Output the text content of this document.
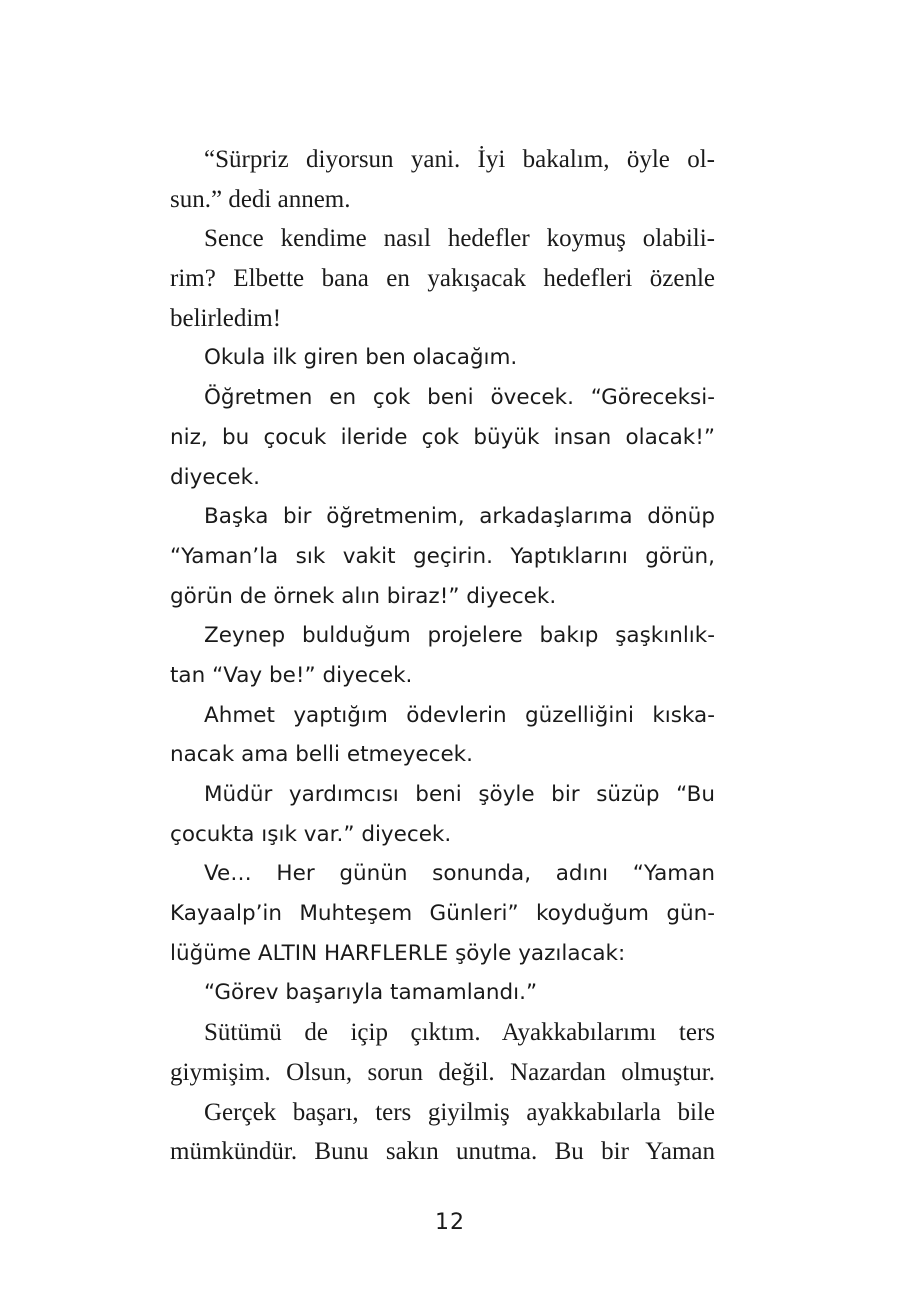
“Sürpriz diyorsun yani. İyi bakalım, öyle ol-
sun.” dedi annem.
Sence kendime nasıl hedefler koymuş olabili-
rim? Elbette bana en yakışacak hedefleri özenle
belirledim!
Okula ilk giren ben olacağım.
Öğretmen en çok beni övecek. “Göreceksi-
niz, bu çocuk ileride çok büyük insan olacak!”
diyecek.
Başka bir öğretmenim, arkadaşlarıma dönüp
“Yaman’la sık vakit geçirin. Yaptıklarını görün,
görün de örnek alın biraz!” diyecek.
Zeynep bulduğum projelere bakıp şaşkınlık-
tan “Vay be!” diyecek.
Ahmet yaptığım ödevlerin güzelliğini kıska-
nacak ama belli etmeyecek.
Müdür yardımcısı beni şöyle bir süzüp “Bu
çocukta ışık var.” diyecek.
Ve… Her günün sonunda, adını “Yaman
Kayaalp’in Muhteşem Günleri” koyduğum gün-
lüğüme ALTIN HARFLERLE şöyle yazılacak:
“Görev başarıyla tamamlandı.”
Sütümü de içip çıktım. Ayakkabılarımı ters
giymişim. Olsun, sorun değil. Nazardan olmuştur.
Gerçek başarı, ters giyilmiş ayakkabılarla bile
mümkündür. Bunu sakın unutma. Bu bir Yaman
12
